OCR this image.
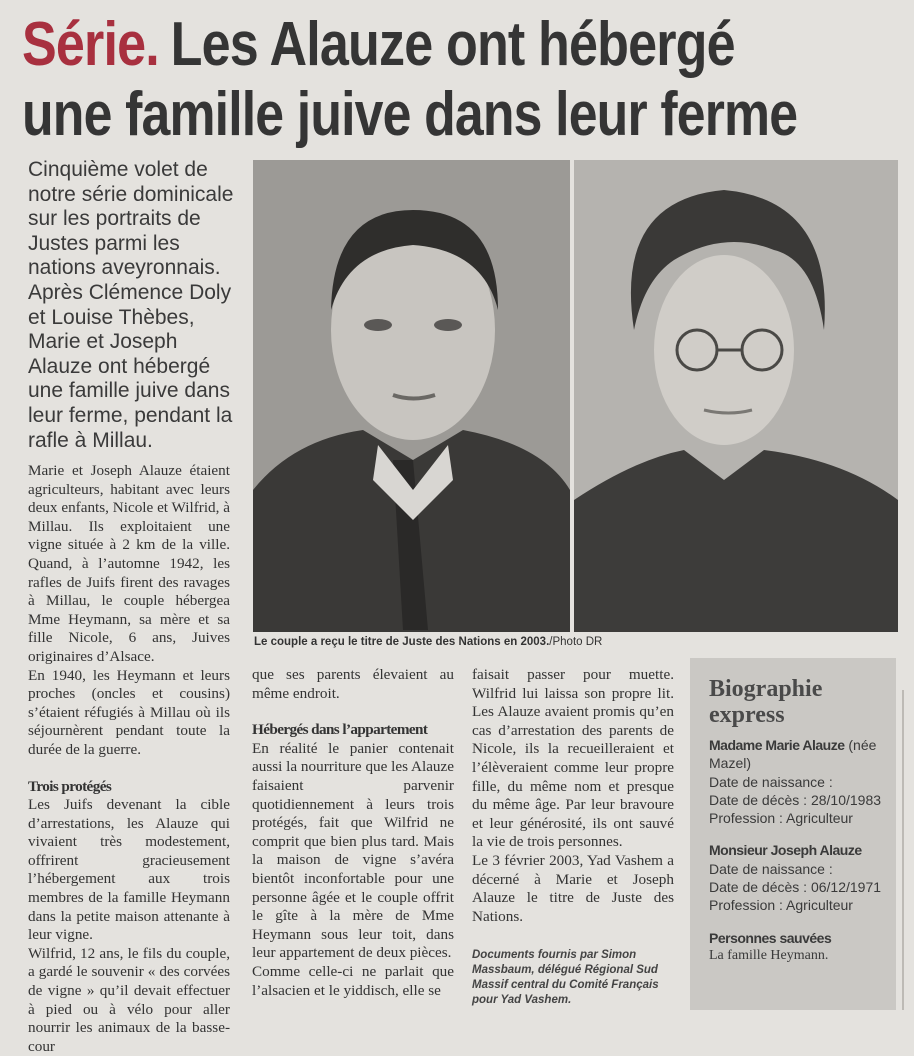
Série. Les Alauze ont hébergé
une famille juive dans leur ferme
Cinquième volet de notre série dominicale sur les portraits de Justes parmi les nations aveyronnais. Après Clémence Doly et Louise Thèbes, Marie et Joseph Alauze ont hébergé une famille juive dans leur ferme, pendant la rafle à Millau.
Le couple a reçu le titre de Juste des Nations en 2003./Photo DR

Marie et Joseph Alauze étaient agriculteurs, habitant avec leurs deux enfants, Nicole et Wilfrid, à Millau. Ils exploitaient une vigne située à 2 km de la ville. Quand, à l’automne 1942, les rafles de Juifs firent des ravages à Millau, le couple hébergea Mme Heymann, sa mère et sa fille Nicole, 6 ans, Juives originaires d’Alsace.

En 1940, les Heymann et leurs proches (oncles et cousins) s’étaient réfugiés à Millau où ils séjournèrent pendant toute la durée de la guerre.

Trois protégés

Les Juifs devenant la cible d’arrestations, les Alauze qui vivaient très modestement, offrirent gracieusement l’hébergement aux trois membres de la famille Heymann dans la petite maison attenante à leur vigne.

Wilfrid, 12 ans, le fils du couple, a gardé le souvenir « des corvées de vigne » qu’il devait effectuer à pied ou à vélo pour aller nourrir les animaux de la basse-cour

que ses parents élevaient au même endroit.

Hébergés dans l’appartement

En réalité le panier contenait aussi la nourriture que les Alauze faisaient parvenir quotidiennement à leurs trois protégés, fait que Wilfrid ne comprit que bien plus tard. Mais la maison de vigne s’avéra bientôt inconfortable pour une personne âgée et le couple offrit le gîte à la mère de Mme Heymann sous leur toit, dans leur appartement de deux pièces.

Comme celle-ci ne parlait que l’alsacien et le yiddisch, elle se

faisait passer pour muette. Wilfrid lui laissa son propre lit. Les Alauze avaient promis qu’en cas d’arrestation des parents de Nicole, ils la recueilleraient et l’élèveraient comme leur propre fille, du même nom et presque du même âge. Par leur bravoure et leur générosité, ils ont sauvé la vie de trois personnes.

Le 3 février 2003, Yad Vashem a décerné à Marie et Joseph Alauze le titre de Juste des Nations.

Documents fournis par Simon Massbaum, délégué Régional Sud Massif central du Comité Français pour Yad Vashem.

Biographie express
Madame Marie Alauze (née Mazel)
Date de naissance :
Date de décès : 28/10/1983
Profession : Agriculteur
Monsieur Joseph Alauze
Date de naissance :
Date de décès : 06/12/1971
Profession : Agriculteur
Personnes sauvées
La famille Heymann.
